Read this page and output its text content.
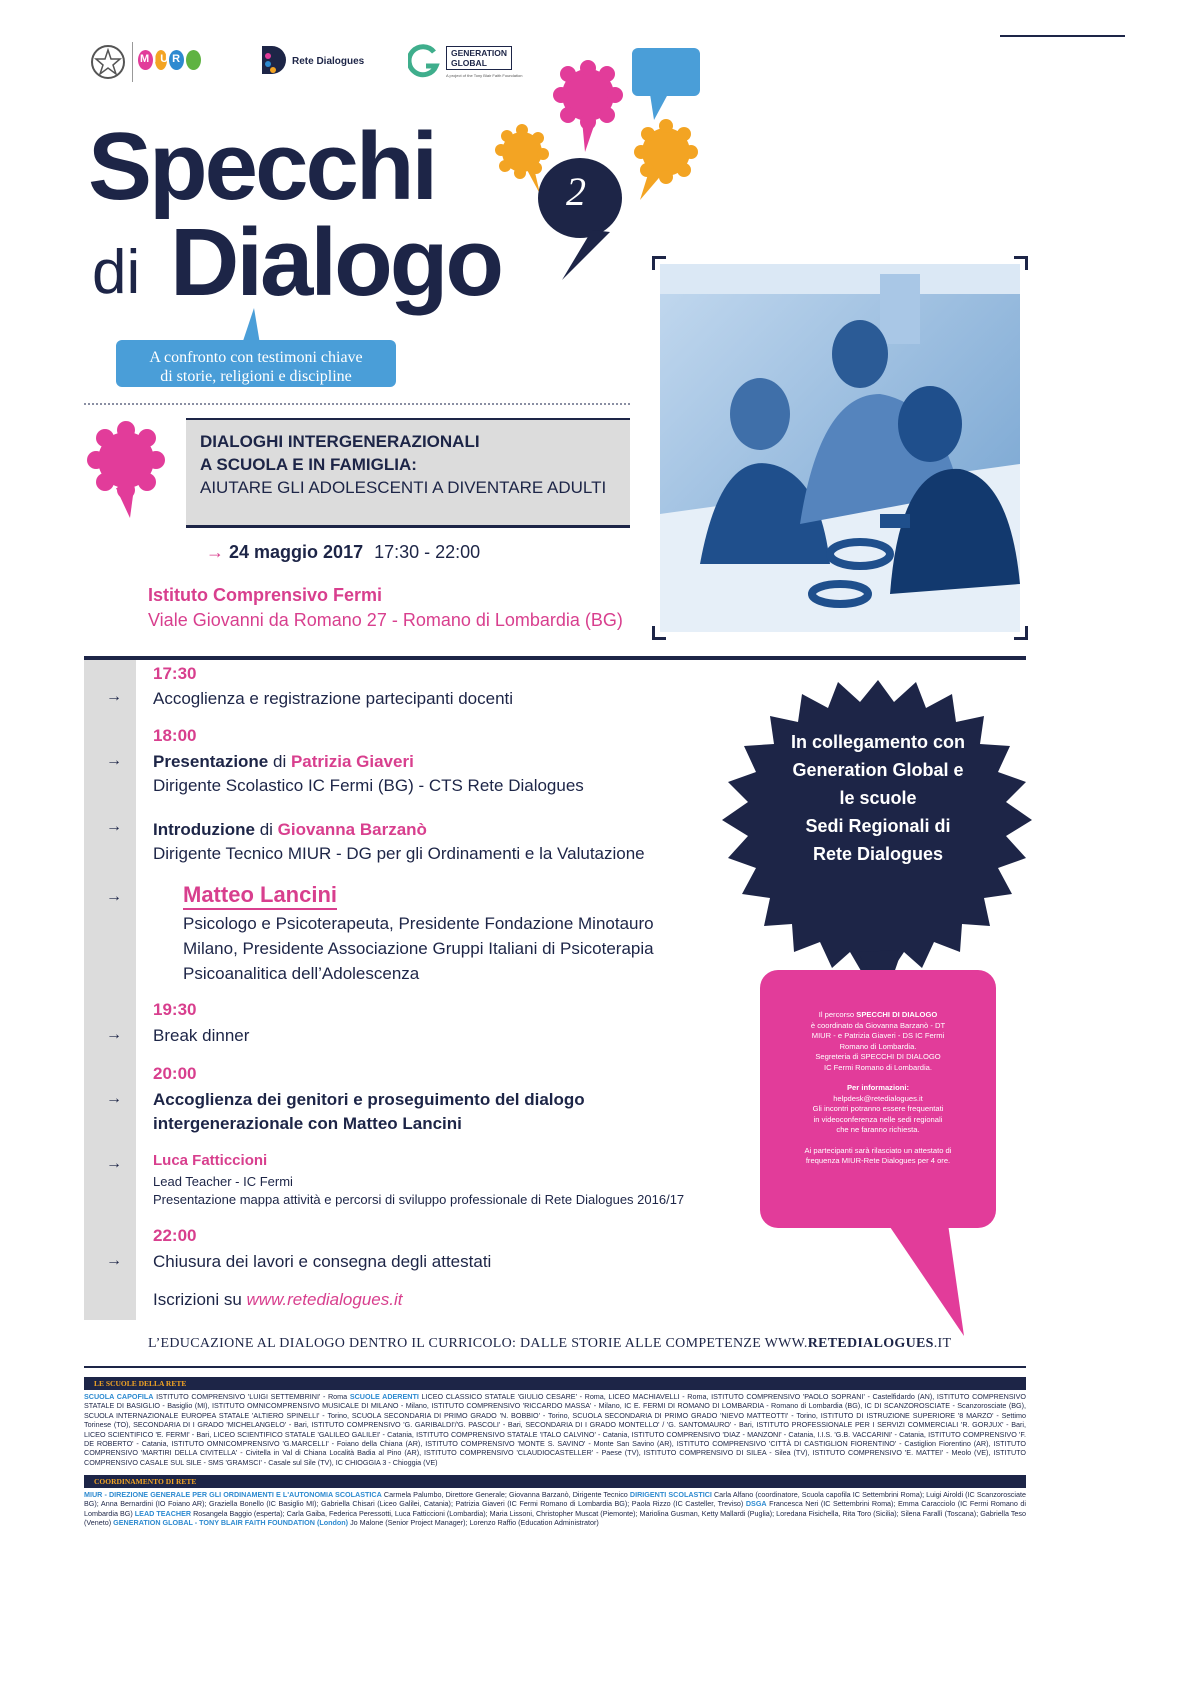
MIUR	Rete Dialogues
GENERATION
GLOBAL
A project of the Tony Blair Faith Foundation
2
Specchi
di Dialogo
A confronto con testimoni chiave
di storie, religioni e discipline
DIALOGHI INTERGENERAZIONALI
A SCUOLA E IN FAMIGLIA:
AIUTARE GLI ADOLESCENTI A DIVENTARE ADULTI
→ 24 maggio 2017 17:30 - 22:00
Istituto Comprensivo Fermi
Viale Giovanni da Romano 27 - Romano di Lombardia (BG)
17:30
→ Accoglienza e registrazione partecipanti docenti
18:00
→ Presentazione di Patrizia Giaveri
Dirigente Scolastico IC Fermi (BG) - CTS Rete Dialogues
→ Introduzione di Giovanna Barzanò
Dirigente Tecnico MIUR - DG per gli Ordinamenti e la Valutazione
→	Matteo Lancini
Psicologo e Psicoterapeuta, Presidente Fondazione Minotauro
Milano, Presidente Associazione Gruppi Italiani di Psicoterapia
Psicoanalitica dell’Adolescenza
19:30
→ Break dinner
20:00
→ Accoglienza dei genitori e proseguimento del dialogo
intergenerazionale con Matteo Lancini
→ Luca Fatticcioni
Lead Teacher - IC Fermi
Presentazione mappa attività e percorsi di sviluppo professionale di Rete Dialogues 2016/17
22:00
→ Chiusura dei lavori e consegna degli attestati
Iscrizioni su www.retedialogues.it
In collegamento con
Generation Global e
le scuole
Sedi Regionali di
Rete Dialogues
Il percorso SPECCHI DI DIALOGO
è coordinato da Giovanna Barzanò - DT
MIUR - e Patrizia Giaveri - DS IC Fermi
Romano di Lombardia.
Segreteria di SPECCHI DI DIALOGO
IC Fermi Romano di Lombardia.
Per informazioni:
helpdesk@retedialogues.it
Gli incontri potranno essere frequentati
in videoconferenza nelle sedi regionali
che ne faranno richiesta.
Ai partecipanti sarà rilasciato un attestato di
frequenza MIUR-Rete Dialogues per 4 ore.
L’EDUCAZIONE AL DIALOGO DENTRO IL CURRICOLO: DALLE STORIE ALLE COMPETENZE WWW.RETEDIALOGUES.IT
LE SCUOLE DELLA RETE
SCUOLA CAPOFILA ISTITUTO COMPRENSIVO 'LUIGI SETTEMBRINI' - Roma SCUOLE ADERENTI LICEO CLASSICO STATALE 'GIULIO CESARE' - Roma, LICEO MACHIAVELLI - Roma, ISTITUTO COMPRENSIVO 'PAOLO SOPRANI' - Castelfidardo (AN), ISTITUTO COMPRENSIVO STATALE DI BASIGLIO - Basiglio (MI), ISTITUTO OMNICOMPRENSIVO MUSICALE DI MILANO - Milano, ISTITUTO COMPRENSIVO 'RICCARDO MASSA' - Milano, IC E. FERMI DI ROMANO DI LOMBARDIA - Romano di Lombardia (BG), IC DI SCANZOROSCIATE - Scanzorosciate (BG), SCUOLA INTERNAZIONALE EUROPEA STATALE 'ALTIERO SPINELLI' - Torino, SCUOLA SECONDARIA DI PRIMO GRADO 'N. BOBBIO' - Torino, SCUOLA SECONDARIA DI PRIMO GRADO 'NIEVO MATTEOTTI' - Torino, ISTITUTO DI ISTRUZIONE SUPERIORE '8 MARZO' - Settimo Torinese (TO), SECONDARIA DI I GRADO 'MICHELANGELO' - Bari, ISTITUTO COMPRENSIVO 'G. GARIBALDI'/'G. PASCOLI' - Bari, SECONDARIA DI I GRADO MONTELLO' / 'G. SANTOMAURO' - Bari, ISTITUTO PROFESSIONALE PER I SERVIZI COMMERCIALI 'R. GORJUX' - Bari, LICEO SCIENTIFICO 'E. FERMI' - Bari, LICEO SCIENTIFICO STATALE 'GALILEO GALILEI' - Catania, ISTITUTO COMPRENSIVO STATALE 'ITALO CALVINO' - Catania, ISTITUTO COMPRENSIVO 'DIAZ - MANZONI' - Catania, I.I.S. 'G.B. VACCARINI' - Catania, ISTITUTO COMPRENSIVO 'F. DE ROBERTO' - Catania, ISTITUTO OMNICOMPRENSIVO 'G.MARCELLI' - Foiano della Chiana (AR), ISTITUTO COMPRENSIVO 'MONTE S. SAVINO' - Monte San Savino (AR), ISTITUTO COMPRENSIVO 'CITTÀ DI CASTIGLION FIORENTINO' - Castiglion Fiorentino (AR), ISTITUTO COMPRENSIVO 'MARTIRI DELLA CIVITELLA' - Civitella in Val di Chiana Località Badia al Pino (AR), ISTITUTO COMPRENSIVO 'CLAUDIOCASTELLER' - Paese (TV), ISTITUTO COMPRENSIVO DI SILEA - Silea (TV), ISTITUTO COMPRENSIVO 'E. MATTEI' - Meolo (VE), ISTITUTO COMPRENSIVO CASALE SUL SILE - SMS 'GRAMSCI' - Casale sul Sile (TV), IC CHIOGGIA 3 - Chioggia (VE)
COORDINAMENTO DI RETE
MIUR - DIREZIONE GENERALE PER GLI ORDINAMENTI E L'AUTONOMIA SCOLASTICA Carmela Palumbo, Direttore Generale; Giovanna Barzanò, Dirigente Tecnico DIRIGENTI SCOLASTICI Carla Alfano (coordinatore, Scuola capofila IC Settembrini Roma); Luigi Airoldi (IC Scanzorosciate BG); Anna Bernardini (IO Foiano AR); Graziella Bonello (IC Basiglio MI); Gabriella Chisari (Liceo Galilei, Catania); Patrizia Giaveri (IC Fermi Romano di Lombardia BG); Paola Rizzo (IC Casteller, Treviso) DSGA Francesca Neri (IC Settembrini Roma); Emma Caracciolo (IC Fermi Romano di Lombardia BG) LEAD TEACHER Rosangela Baggio (esperta); Carla Gaiba, Federica Peressotti, Luca Fatticcioni (Lombardia); Maria Lissoni, Christopher Muscat (Piemonte); Mariolina Gusman, Ketty Mallardi (Puglia); Loredana Fisichella, Rita Toro (Sicilia); Silena Farallì (Toscana); Gabriella Teso (Veneto) GENERATION GLOBAL - TONY BLAIR FAITH FOUNDATION (London) Jo Malone (Senior Project Manager); Lorenzo Raffio (Education Administrator)
